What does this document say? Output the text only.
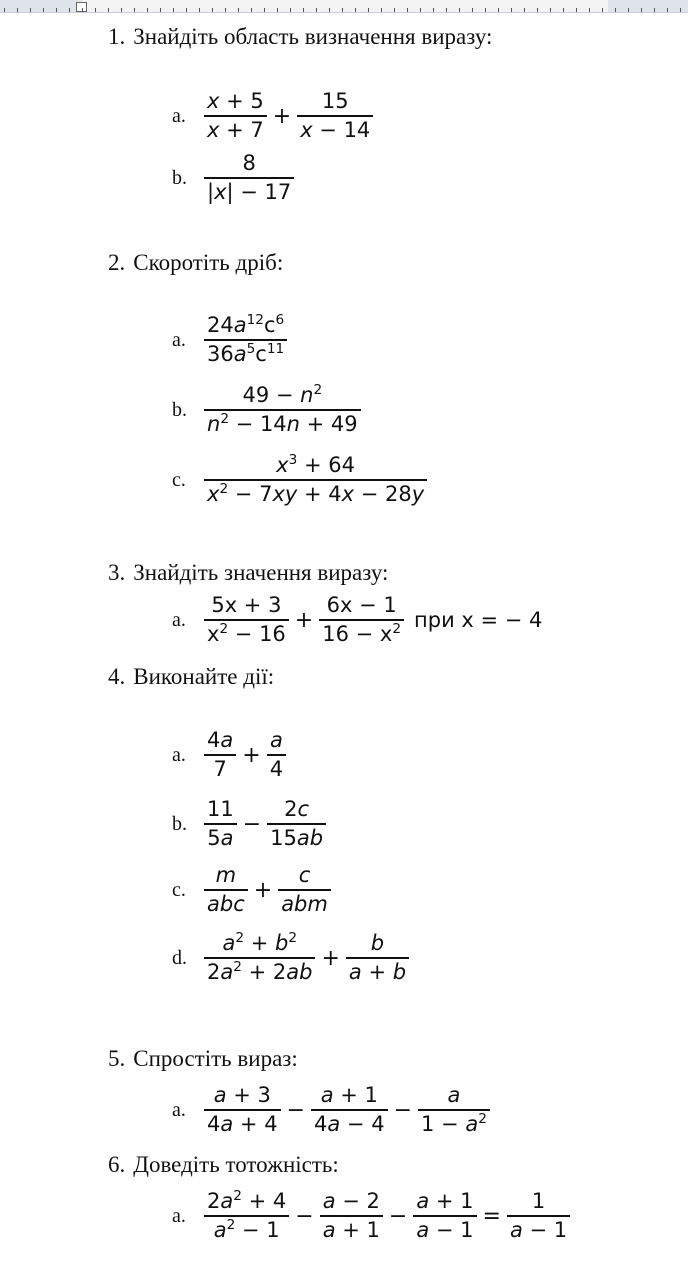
1. Знайдіть область визначення виразу:
a. $\frac{x + 5}{x + 7} + \frac{15}{x - 14}$
b. $\frac{8}{|x| - 17}$
2. Скоротіть дріб:
a. $\frac{24a^{12}c^6}{36a^5c^{11}}$
b. $\frac{49 - n^2}{n^2 - 14n + 49}$
c. $\frac{x^3 + 64}{x^2 - 7xy + 4x - 28y}$
3. Знайдіть значення виразу:
a. $\frac{5x + 3}{x^2 - 16} + \frac{6x - 1}{16 - x^2}$ при x = − 4
4. Виконайте дії:
a. $\frac{4a}{7} + \frac{a}{4}$
b. $\frac{11}{5a} - \frac{2c}{15ab}$
c. $\frac{m}{\text{abc}} + \frac{c}{\text{abm}}$
d. $\frac{a^2 + b^2}{2a^2 + 2ab} + \frac{b}{a + b}$
5. Спростіть вираз:
a. $\frac{a + 3}{4a + 4} - \frac{a + 1}{4a - 4} - \frac{a}{1 - a^2}$
a. $\frac{2a^2 + 4}{a^2 - 1} - \frac{a - 2}{a + 1} - \frac{a + 1}{a - 1} = \frac{1}{a - 1}$
6. Доведіть тотожність:
